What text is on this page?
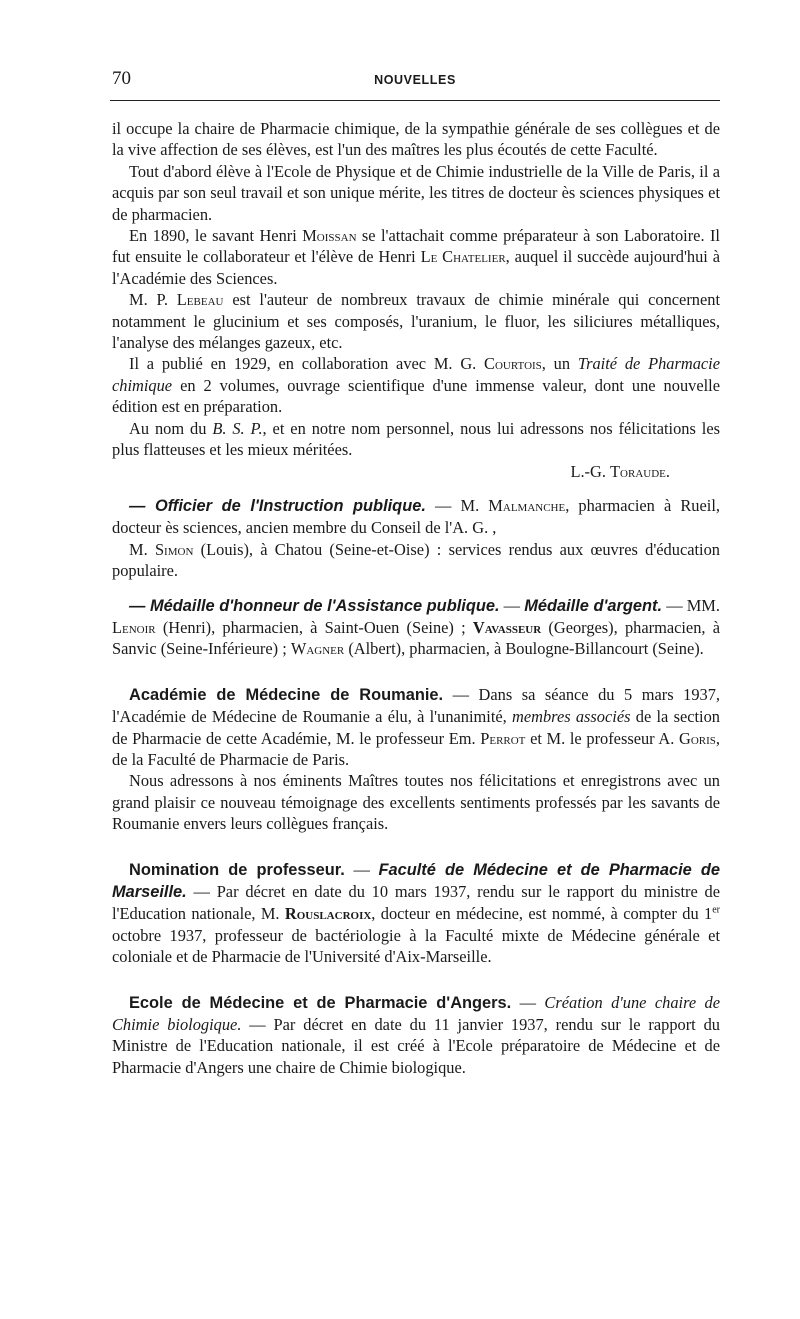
70	NOUVELLES

il occupe la chaire de Pharmacie chimique, de la sympathie générale de ses collègues et de la vive affection de ses élèves, est l'un des maîtres les plus écoutés de cette Faculté.

Tout d'abord élève à l'Ecole de Physique et de Chimie industrielle de la Ville de Paris, il a acquis par son seul travail et son unique mérite, les titres de docteur ès sciences physiques et de pharmacien.

En 1890, le savant Henri Moissan se l'attachait comme préparateur à son Laboratoire. Il fut ensuite le collaborateur et l'élève de Henri Le Chatelier, auquel il succède aujourd'hui à l'Académie des Sciences.

M. P. Lebeau est l'auteur de nombreux travaux de chimie minérale qui concernent notamment le glucinium et ses composés, l'uranium, le fluor, les siliciures métalliques, l'analyse des mélanges gazeux, etc.

Il a publié en 1929, en collaboration avec M. G. Courtois, un Traité de Pharmacie chimique en 2 volumes, ouvrage scientifique d'une immense valeur, dont une nouvelle édition est en préparation.

Au nom du B. S. P., et en notre nom personnel, nous lui adressons nos félicitations les plus flatteuses et les mieux méritées.

L.-G. Toraude.

— Officier de l'Instruction publique. — M. Malmanche, pharmacien à Rueil, docteur ès sciences, ancien membre du Conseil de l'A. G. ,

M. Simon (Louis), à Chatou (Seine-et-Oise) : services rendus aux œuvres d'éducation populaire.

— Médaille d'honneur de l'Assistance publique. — Médaille d'argent. — MM. Lenoir (Henri), pharmacien, à Saint-Ouen (Seine) ; Vavasseur (Georges), pharmacien, à Sanvic (Seine-Inférieure) ; Wagner (Albert), pharmacien, à Boulogne-Billancourt (Seine).

Académie de Médecine de Roumanie. — Dans sa séance du 5 mars 1937, l'Académie de Médecine de Roumanie a élu, à l'unanimité, membres associés de la section de Pharmacie de cette Académie, M. le professeur Em. Perrot et M. le professeur A. Goris, de la Faculté de Pharmacie de Paris.

Nous adressons à nos éminents Maîtres toutes nos félicitations et enregistrons avec un grand plaisir ce nouveau témoignage des excellents sentiments professés par les savants de Roumanie envers leurs collègues français.

Nomination de professeur. — Faculté de Médecine et de Pharmacie de Marseille. — Par décret en date du 10 mars 1937, rendu sur le rapport du ministre de l'Education nationale, M. Rouslacroix, docteur en médecine, est nommé, à compter du 1er octobre 1937, professeur de bactériologie à la Faculté mixte de Médecine générale et coloniale et de Pharmacie de l'Université d'Aix-Marseille.

Ecole de Médecine et de Pharmacie d'Angers. — Création d'une chaire de Chimie biologique. — Par décret en date du 11 janvier 1937, rendu sur le rapport du Ministre de l'Education nationale, il est créé à l'Ecole préparatoire de Médecine et de Pharmacie d'Angers une chaire de Chimie biologique.
